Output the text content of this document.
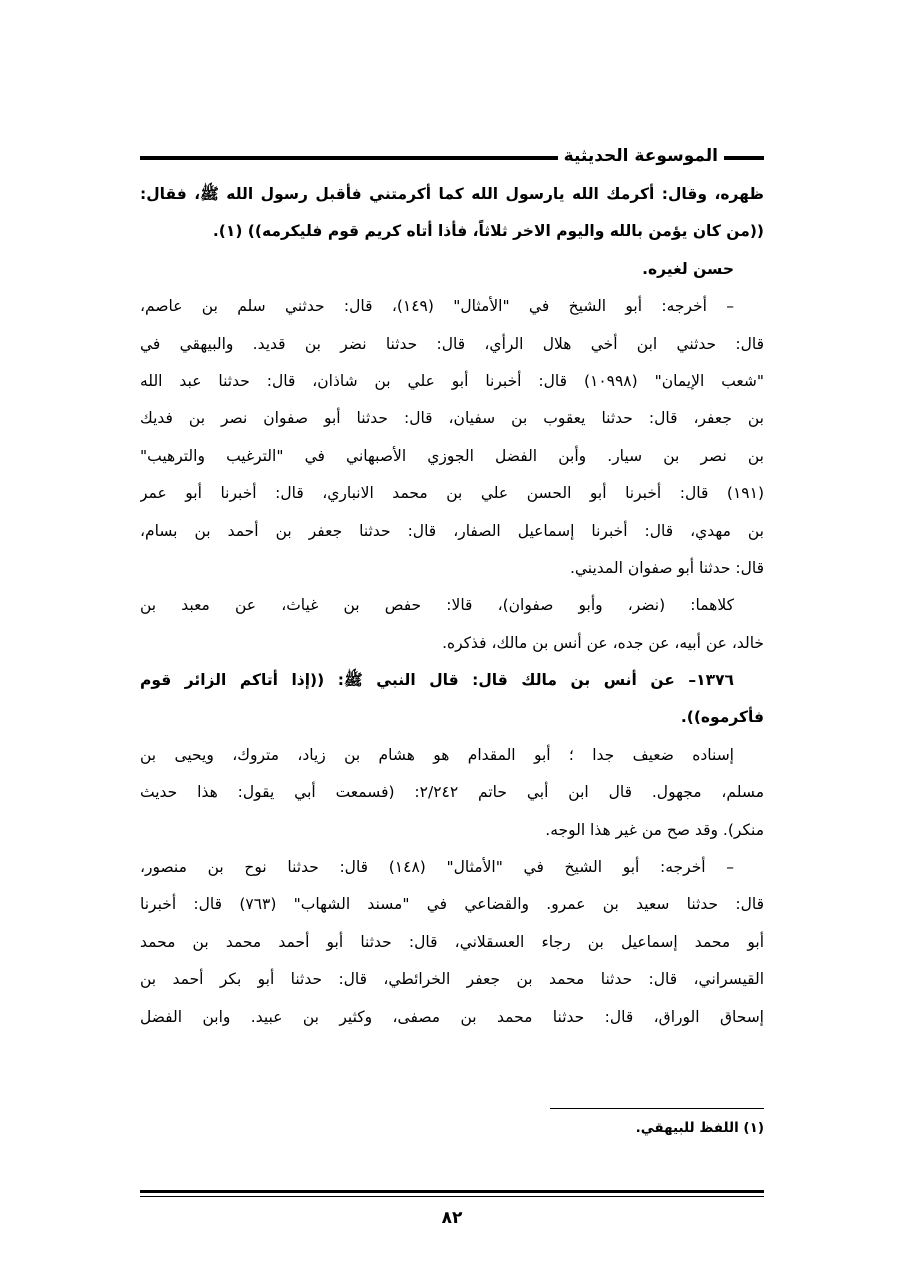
الموسوعة الحديثية
ظهره، وقال: أكرمك الله يارسول الله كما أكرمتني فأقبل رسول الله ﷺ، فقال:
((من كان يؤمن بالله واليوم الاخر ثلاثاً، فأذا أتاه كريم قوم فليكرمه)) (١).
حسن لغيره.
– أخرجه: أبو الشيخ في "الأمثال" (١٤٩)، قال: حدثني سلم بن عاصم،
قال: حدثني ابن أخي هلال الرأي، قال: حدثنا نضر بن قديد. والبيهقي في
"شعب الإيمان" (١٠٩٩٨) قال: أخبرنا أبو علي بن شاذان، قال: حدثنا عبد الله
بن جعفر، قال: حدثنا يعقوب بن سفيان، قال: حدثنا أبو صفوان نصر بن فديك
بن نصر بن سيار. وأبن الفضل الجوزي الأصبهاني في "الترغيب والترهيب"
(١٩١) قال: أخبرنا أبو الحسن علي بن محمد الانباري، قال: أخبرنا أبو عمر
بن مهدي، قال: أخبرنا إسماعيل الصفار، قال: حدثنا جعفر بن أحمد بن بسام،
قال: حدثنا أبو صفوان المديني.
كلاهما: (نضر، وأبو صفوان)، قالا: حفص بن غياث، عن معبد بن
خالد، عن أبيه، عن جده، عن أنس بن مالك، فذكره.
١٣٧٦– عن أنس بن مالك قال: قال النبي ﷺ: ((إذا أتاكم الزائر قوم
فأكرموه)).
إسناده ضعيف جدا ؛ أبو المقدام هو هشام بن زياد، متروك، ويحيى بن
مسلم، مجهول. قال ابن أبي حاتم ٢/٢٤٢: (فسمعت أبي يقول: هذا حديث
منكر). وقد صح من غير هذا الوجه.
– أخرجه: أبو الشيخ في "الأمثال" (١٤٨) قال: حدثنا نوح بن منصور،
قال: حدثنا سعيد بن عمرو. والقضاعي في "مسند الشهاب" (٧٦٣) قال: أخبرنا
أبو محمد إسماعيل بن رجاء العسقلاني، قال: حدثنا أبو أحمد محمد بن محمد
القيسراني، قال: حدثنا محمد بن جعفر الخرائطي، قال: حدثنا أبو بكر أحمد بن
إسحاق الوراق، قال: حدثنا محمد بن مصفى، وكثير بن عبيد. وابن الفضل
(١) اللفظ للبيهقي.
٨٢
